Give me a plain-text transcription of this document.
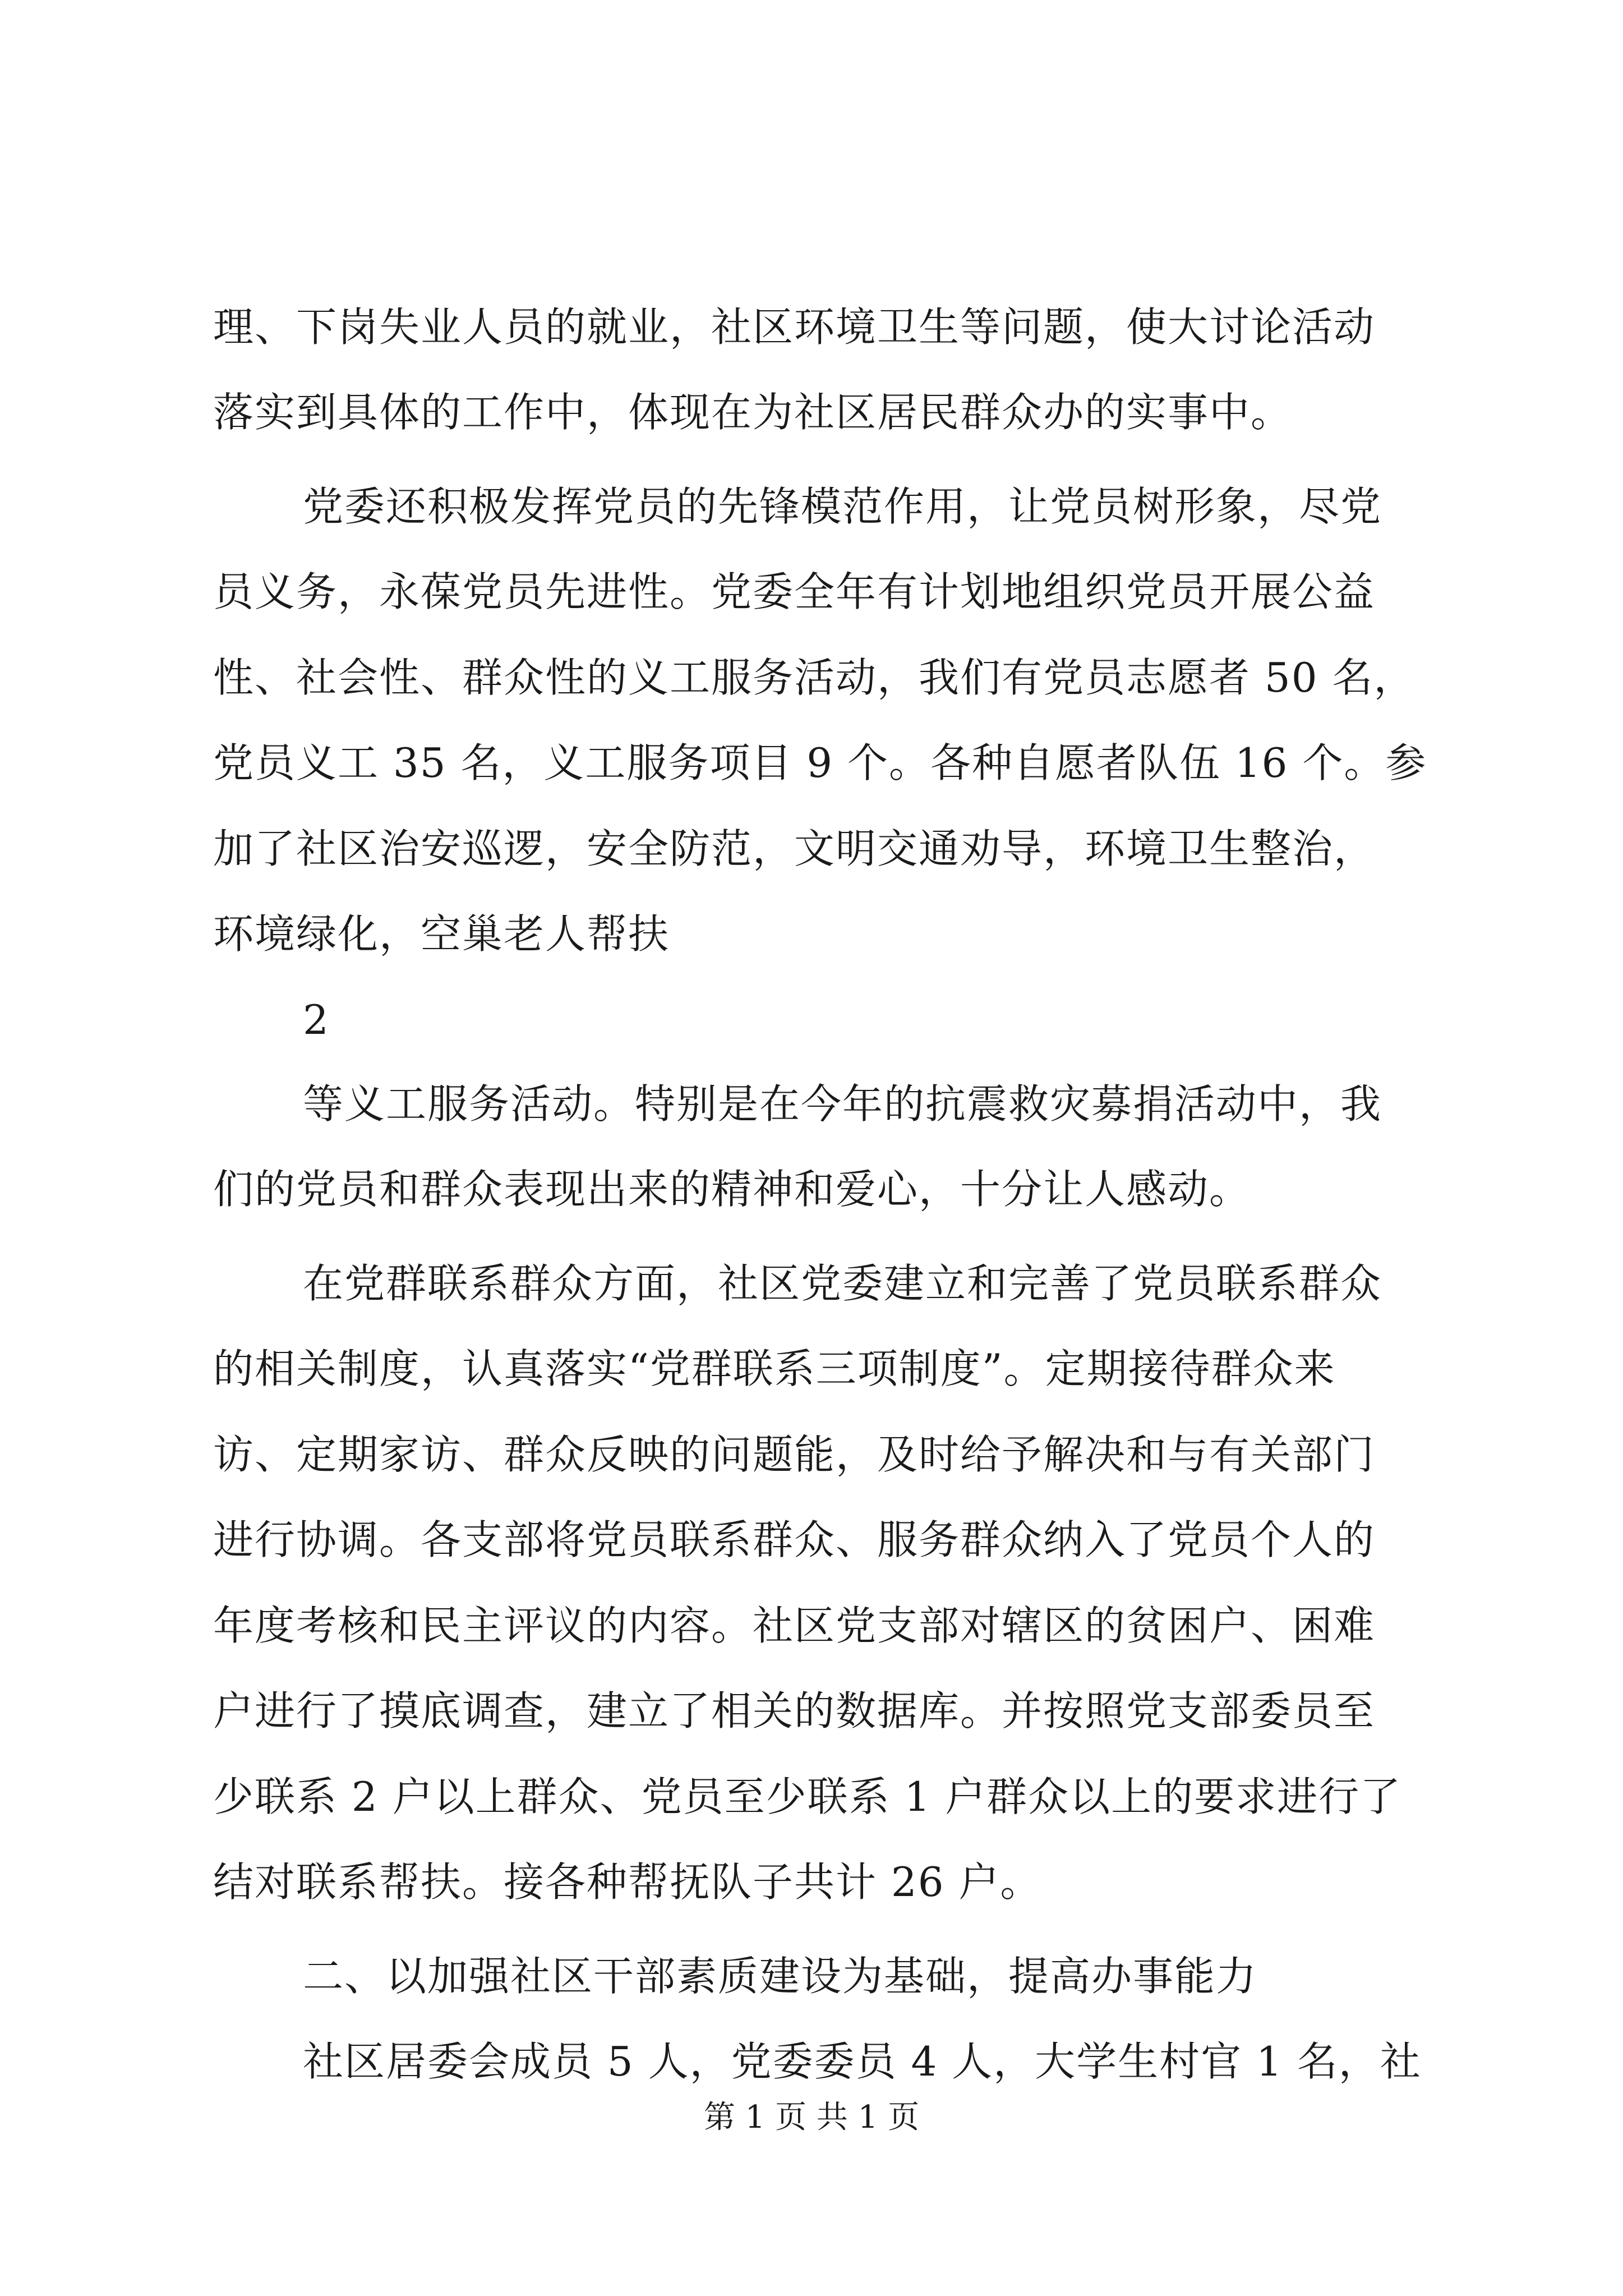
理、下岗失业人员的就业，社区环境卫生等问题，使大讨论活动
落实到具体的工作中，体现在为社区居民群众办的实事中。
党委还积极发挥党员的先锋模范作用，让党员树形象，尽党
员义务，永葆党员先进性。党委全年有计划地组织党员开展公益
性、社会性、群众性的义工服务活动，我们有党员志愿者 50 名，
党员义工 35 名，义工服务项目 9 个。各种自愿者队伍 16 个。参
加了社区治安巡逻，安全防范，文明交通劝导，环境卫生整治，
环境绿化，空巢老人帮扶
2
等义工服务活动。特别是在今年的抗震救灾募捐活动中，我
们的党员和群众表现出来的精神和爱心，十分让人感动。
在党群联系群众方面，社区党委建立和完善了党员联系群众
的相关制度，认真落实“党群联系三项制度”。定期接待群众来
访、定期家访、群众反映的问题能，及时给予解决和与有关部门
进行协调。各支部将党员联系群众、服务群众纳入了党员个人的
年度考核和民主评议的内容。社区党支部对辖区的贫困户、困难
户进行了摸底调查，建立了相关的数据库。并按照党支部委员至
少联系 2 户以上群众、党员至少联系 1 户群众以上的要求进行了
结对联系帮扶。接各种帮抚队子共计 26 户。
二、以加强社区干部素质建设为基础，提高办事能力
社区居委会成员 5 人，党委委员 4 人，大学生村官 1 名，社
第 1 页 共 1 页
